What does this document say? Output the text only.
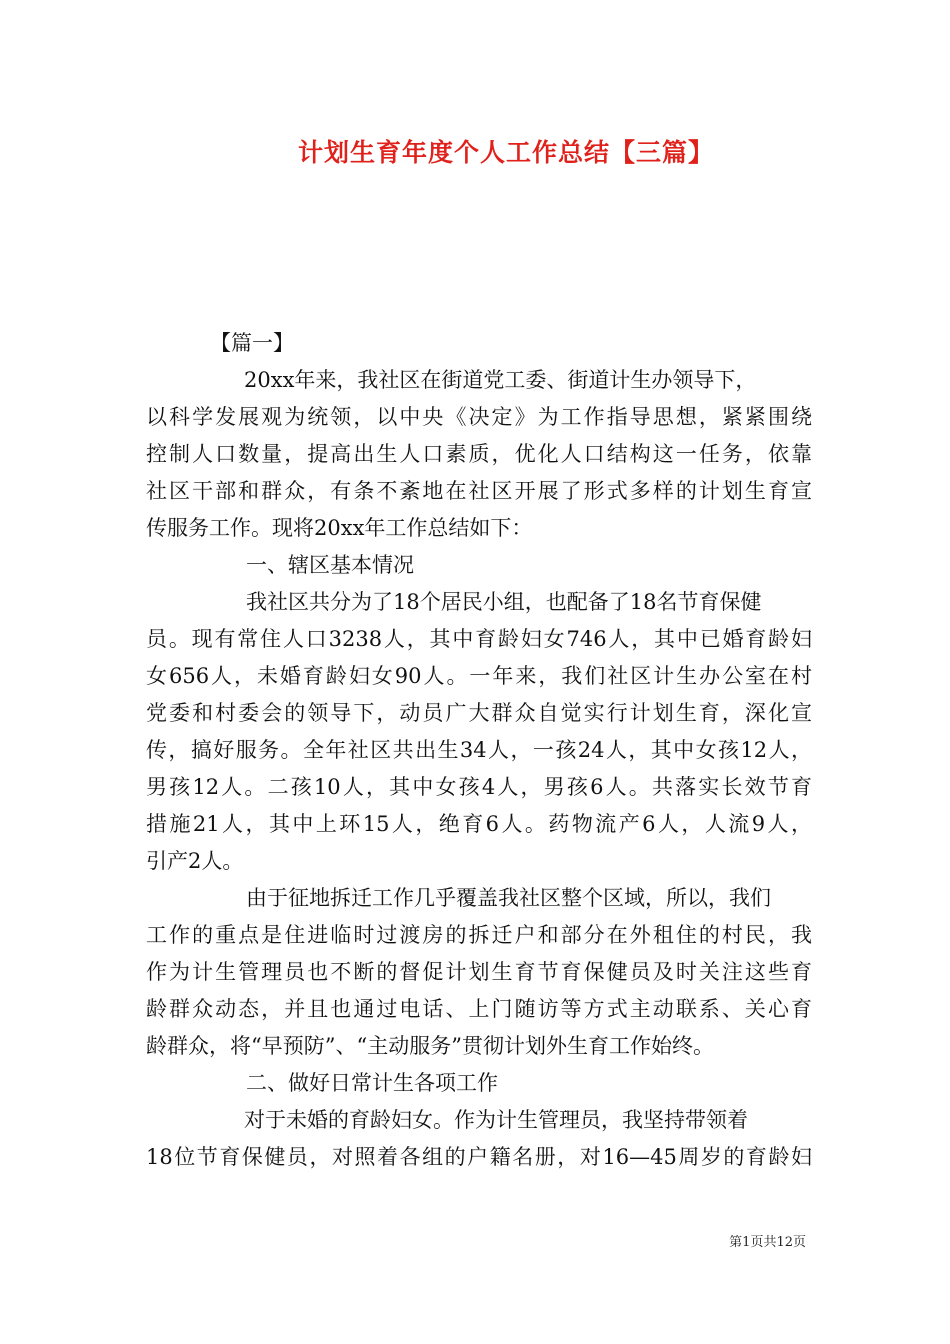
计划生育年度个人工作总结【三篇】
【篇一】
20xx年来，我社区在街道党工委、街道计生办领导下，
以科学发展观为统领，以中央《决定》为工作指导思想，紧紧围绕
控制人口数量，提高出生人口素质，优化人口结构这一任务，依靠
社区干部和群众，有条不紊地在社区开展了形式多样的计划生育宣
传服务工作。现将20xx年工作总结如下：
一、辖区基本情况
我社区共分为了18个居民小组，也配备了18名节育保健
员。现有常住人口3238人，其中育龄妇女746人，其中已婚育龄妇
女656人，未婚育龄妇女90人。一年来，我们社区计生办公室在村
党委和村委会的领导下，动员广大群众自觉实行计划生育，深化宣
传，搞好服务。全年社区共出生34人，一孩24人，其中女孩12人，
男孩12人。二孩10人，其中女孩4人，男孩6人。共落实长效节育
措施21人，其中上环15人，绝育6人。药物流产6人，人流9人，
引产2人。
由于征地拆迁工作几乎覆盖我社区整个区域，所以，我们
工作的重点是住进临时过渡房的拆迁户和部分在外租住的村民，我
作为计生管理员也不断的督促计划生育节育保健员及时关注这些育
龄群众动态，并且也通过电话、上门随访等方式主动联系、关心育
龄群众，将“早预防”、“主动服务”贯彻计划外生育工作始终。
二、做好日常计生各项工作
对于未婚的育龄妇女。作为计生管理员，我坚持带领着
18位节育保健员，对照着各组的户籍名册，对16—45周岁的育龄妇
第1页共12页
